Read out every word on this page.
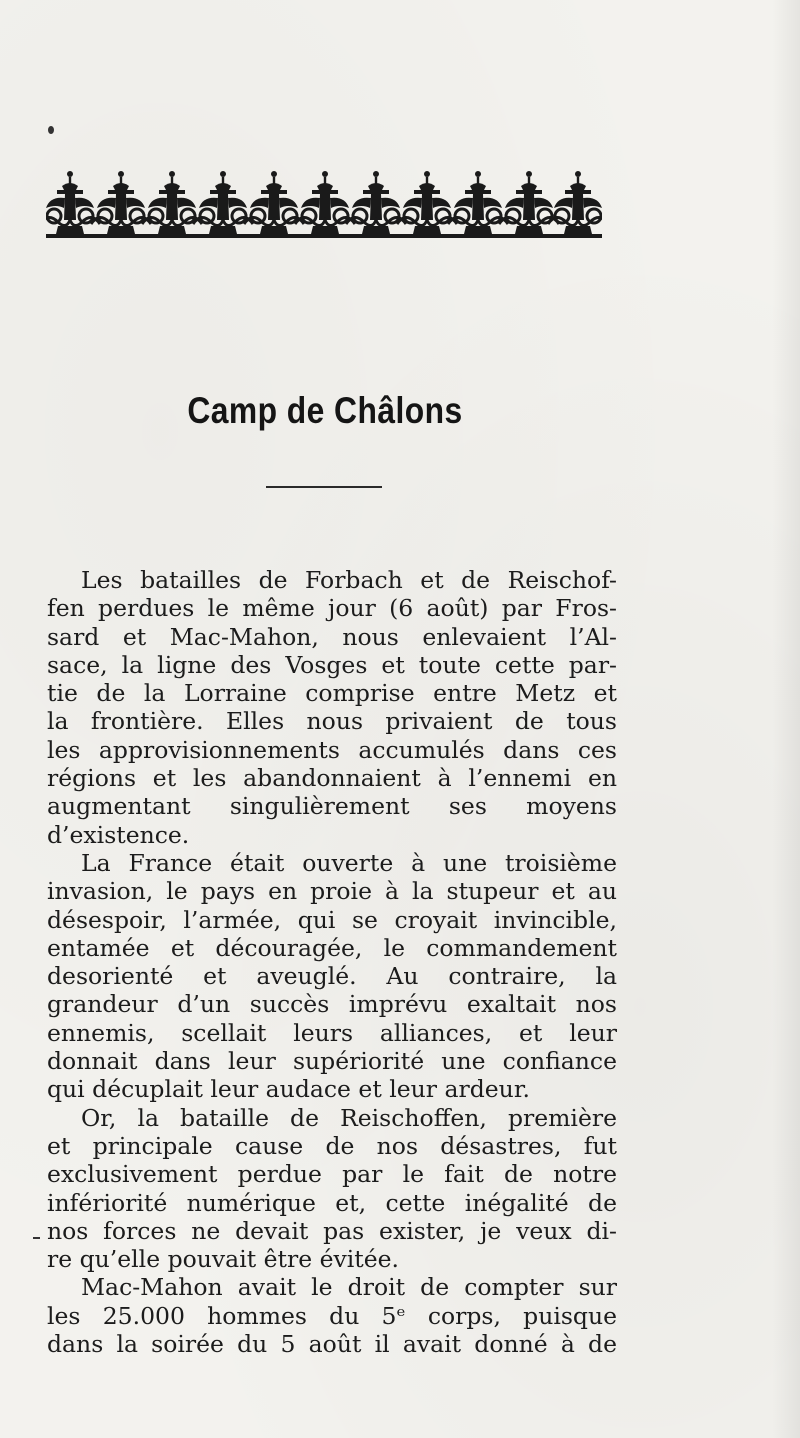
Camp de Châlons
Les batailles de Forbach et de Reischof-
fen perdues le même jour (6 août) par Fros-
sard et Mac-Mahon, nous enlevaient l’Al-
sace, la ligne des Vosges et toute cette par-
tie de la Lorraine comprise entre Metz et
la frontière. Elles nous privaient de tous
les approvisionnements accumulés dans ces
régions et les abandonnaient à l’ennemi en
augmentant singulièrement ses moyens
d’existence.
La France était ouverte à une troisième
invasion, le pays en proie à la stupeur et au
désespoir, l’armée, qui se croyait invincible,
entamée et découragée, le commandement
desorienté et aveuglé. Au contraire, la
grandeur d’un succès imprévu exaltait nos
ennemis, scellait leurs alliances, et leur
donnait dans leur supériorité une confiance
qui décuplait leur audace et leur ardeur.
Or, la bataille de Reischoffen, première
et principale cause de nos désastres, fut
exclusivement perdue par le fait de notre
infériorité numérique et, cette inégalité de
nos forces ne devait pas exister, je veux di-
re qu’elle pouvait être évitée.
Mac-Mahon avait le droit de compter sur
les 25.000 hommes du 5ᵉ corps, puisque
dans la soirée du 5 août il avait donné à de
